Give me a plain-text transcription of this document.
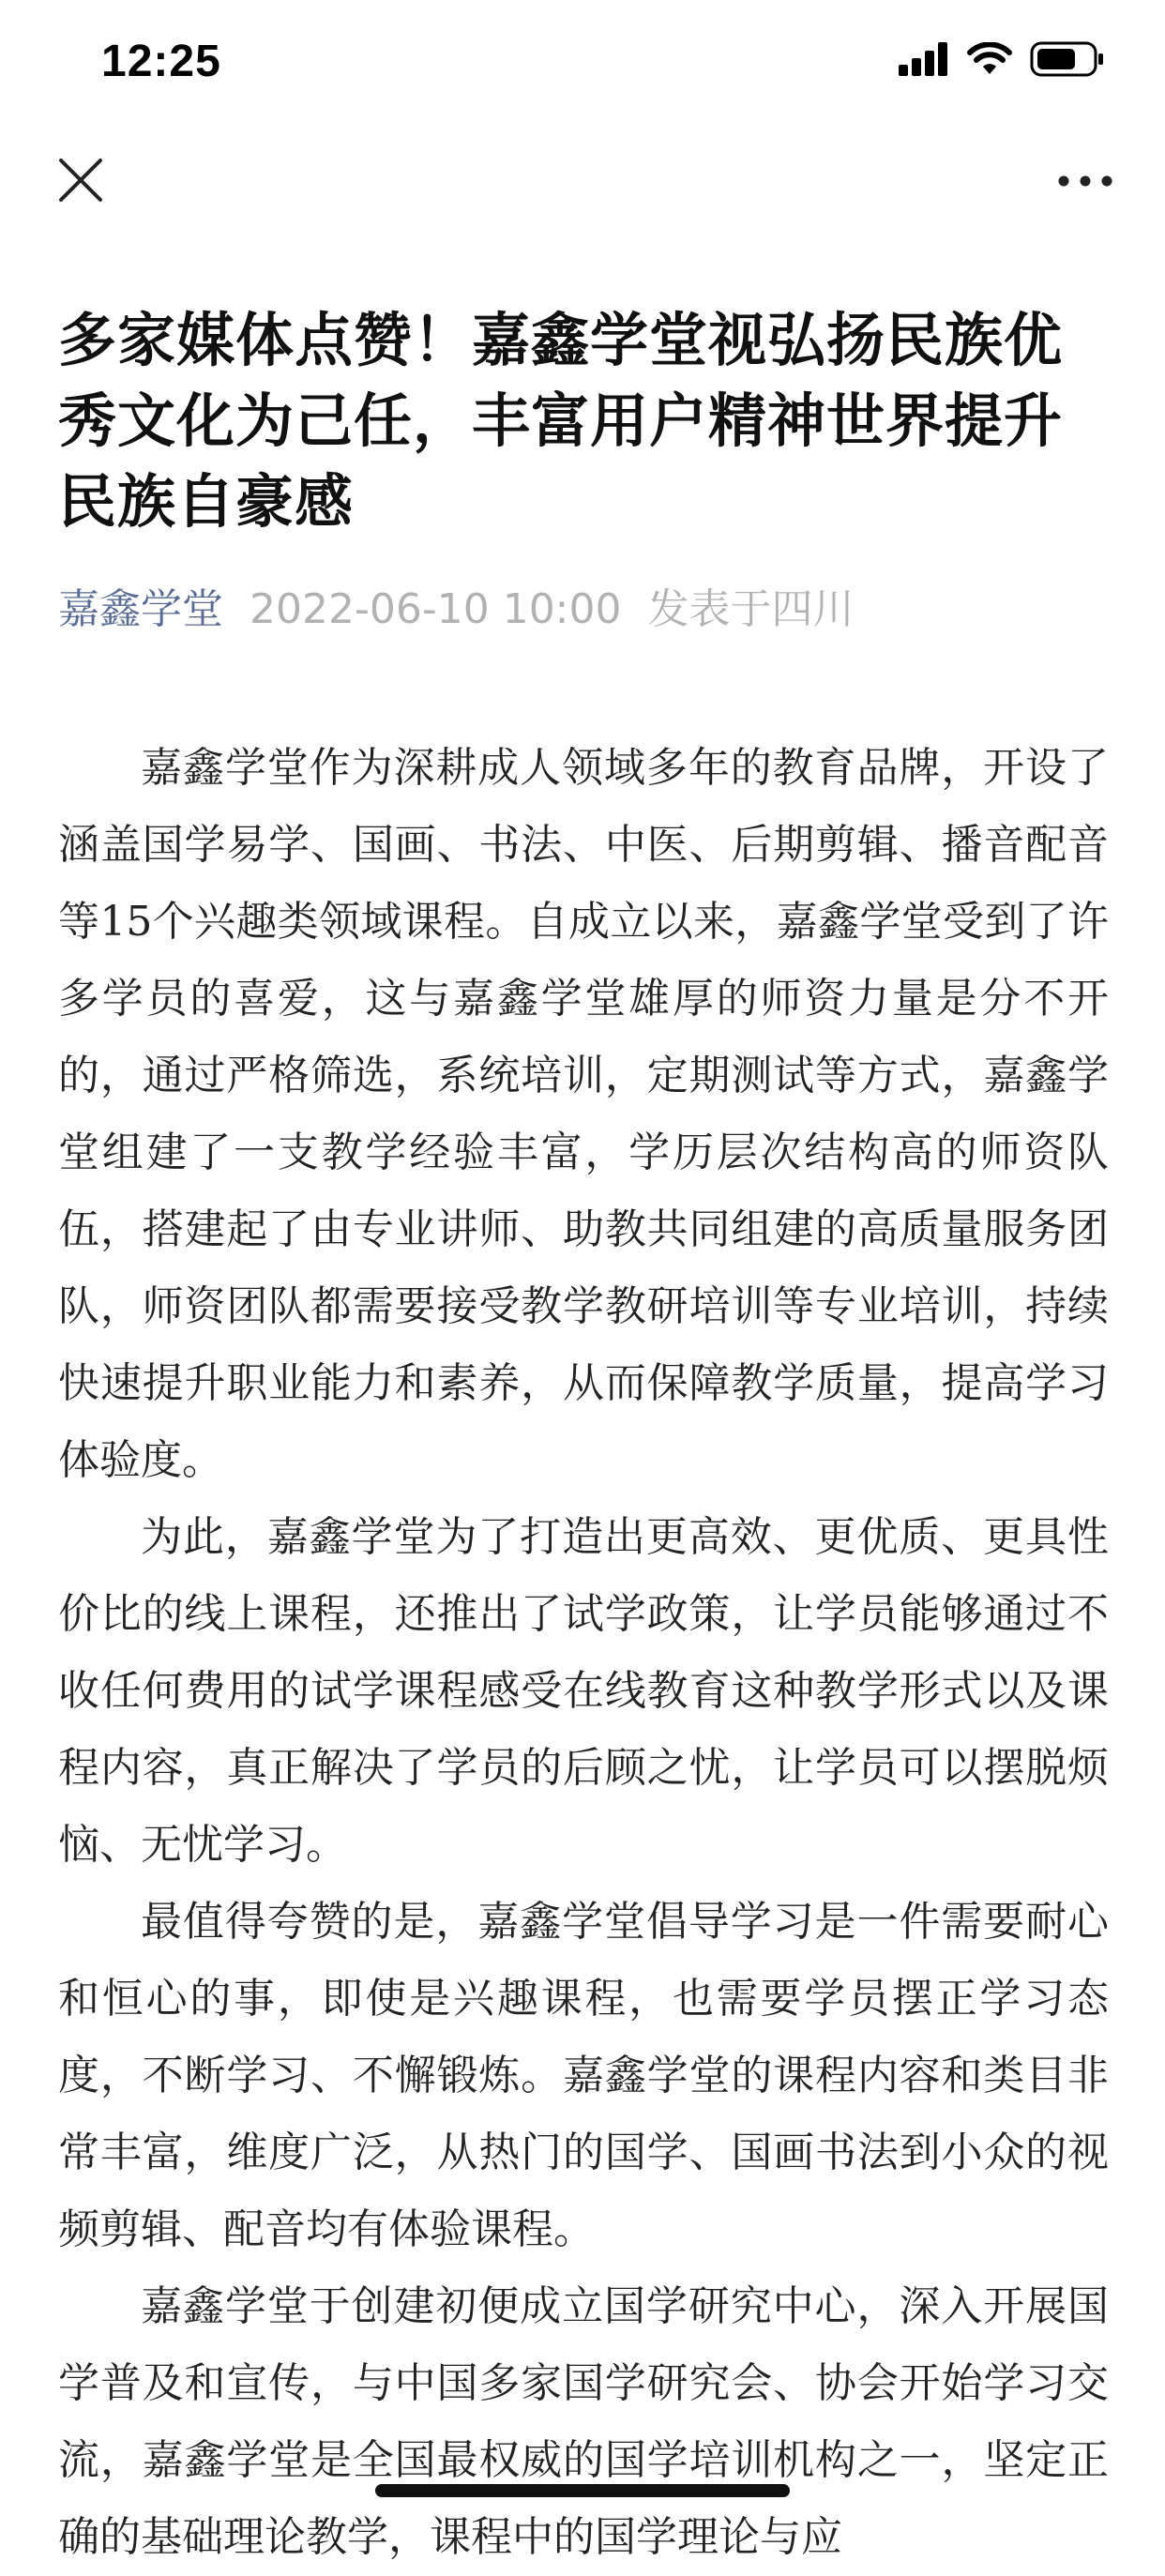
12:25
多家媒体点赞！嘉鑫学堂视弘扬民族优秀文化为己任，丰富用户精神世界提升民族自豪感
嘉鑫学堂 2022-06-10 10:00 发表于四川

嘉鑫学堂作为深耕成人领域多年的教育品牌，开设了涵盖国学易学、国画、书法、中医、后期剪辑、播音配音等15个兴趣类领域课程。自成立以来，嘉鑫学堂受到了许多学员的喜爱，这与嘉鑫学堂雄厚的师资力量是分不开的，通过严格筛选，系统培训，定期测试等方式，嘉鑫学堂组建了一支教学经验丰富，学历层次结构高的师资队伍，搭建起了由专业讲师、助教共同组建的高质量服务团队，师资团队都需要接受教学教研培训等专业培训，持续快速提升职业能力和素养，从而保障教学质量，提高学习体验度。

为此，嘉鑫学堂为了打造出更高效、更优质、更具性价比的线上课程，还推出了试学政策，让学员能够通过不收任何费用的试学课程感受在线教育这种教学形式以及课程内容，真正解决了学员的后顾之忧，让学员可以摆脱烦恼、无忧学习。

最值得夸赞的是，嘉鑫学堂倡导学习是一件需要耐心和恒心的事，即使是兴趣课程，也需要学员摆正学习态度，不断学习、不懈锻炼。嘉鑫学堂的课程内容和类目非常丰富，维度广泛，从热门的国学、国画书法到小众的视频剪辑、配音均有体验课程。

嘉鑫学堂于创建初便成立国学研究中心，深入开展国学普及和宣传，与中国多家国学研究会、协会开始学习交流，嘉鑫学堂是全国最权威的国学培训机构之一，坚定正确的基础理论教学，课程中的国学理论与应
